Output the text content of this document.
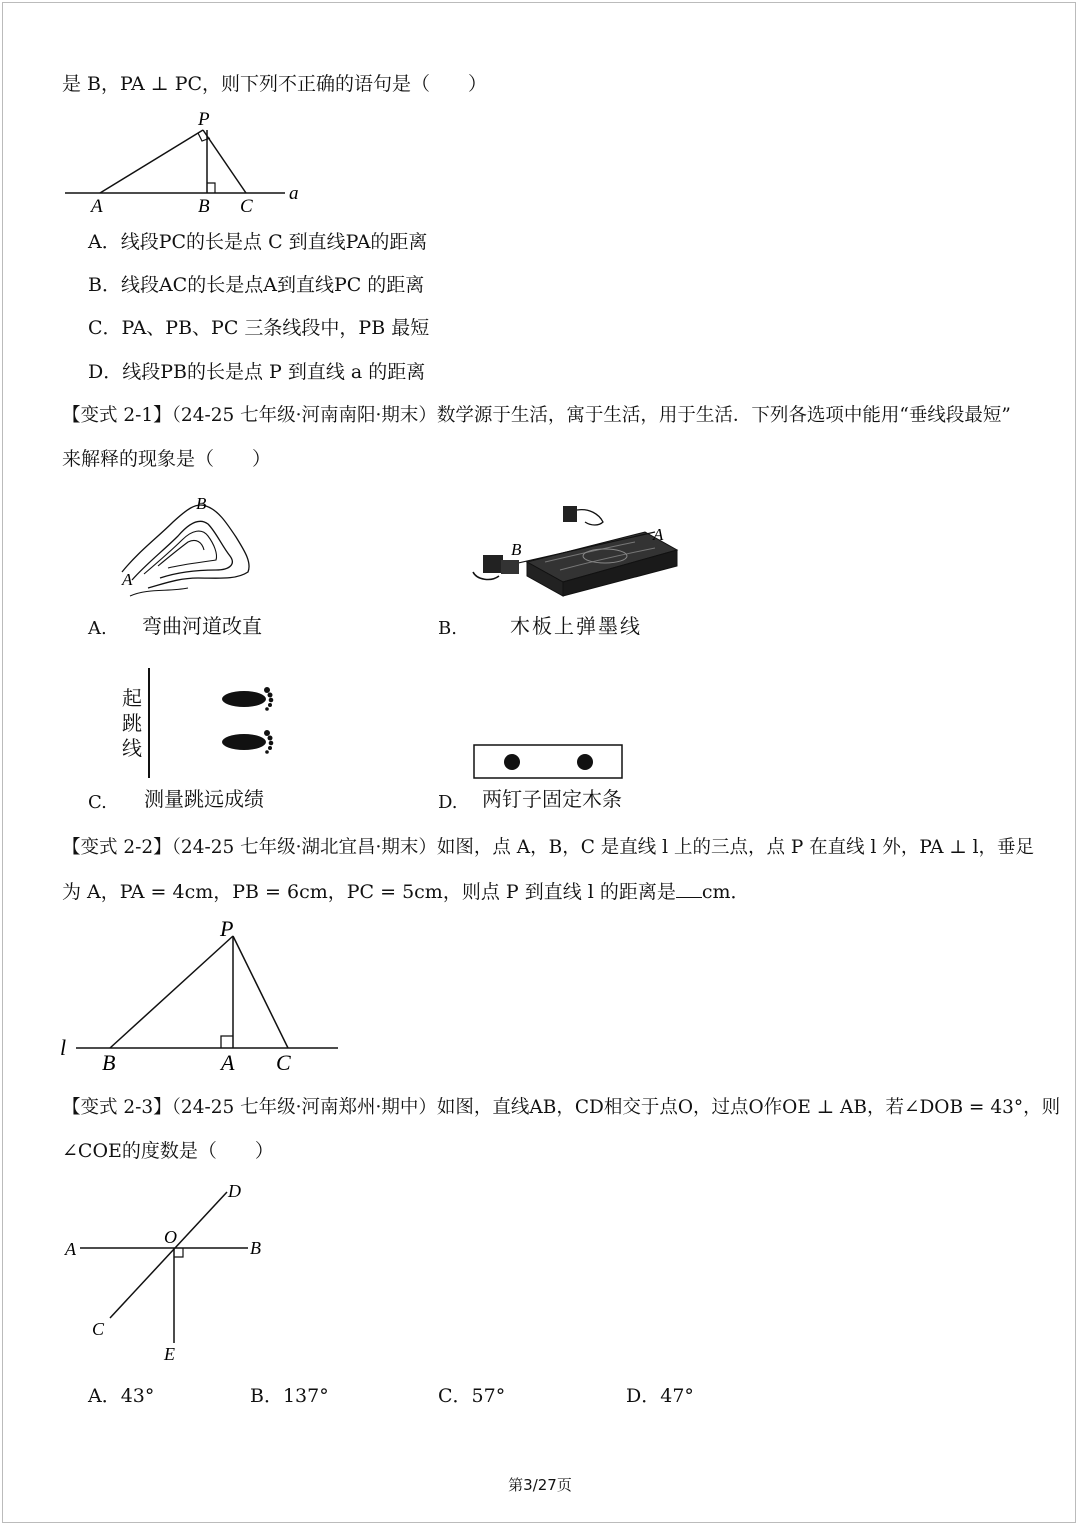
是 B，PA ⊥ PC，则下列不正确的语句是（　　）
P
A	B C
a
A．线段PC的长是点 C 到直线PA的距离
B．线段AC的长是点A到直线PC 的距离
C．PA、PB、PC 三条线段中，PB 最短
D．线段PB的长是点 P 到直线 a 的距离
【变式 2-1】（24-25 七年级·河南南阳·期末）数学源于生活，寓于生活，用于生活．下列各选项中能用“垂线段最短”
来解释的现象是（　　）
B
A
A. 弯曲河道改直
B
A
B.	木板上弹墨线
起
跳
线
C. 测量跳远成绩	D. 两钉子固定木条
【变式 2-2】（24-25 七年级·湖北宜昌·期末）如图，点 A，B，C 是直线 l 上的三点，点 P 在直线 l 外，PA ⊥ l，垂足
为 A，PA = 4cm，PB = 6cm，PC = 5cm，则点 P 到直线 l 的距离是 cm．
P
l
B	A C
【变式 2-3】（24-25 七年级·河南郑州·期中）如图，直线AB，CD相交于点O，过点O作OE ⊥ AB，若∠DOB = 43°，则
∠COE的度数是（　　）
A	B
D
O
C
E
A．43°	B．137°	C．57°	D．47°
第3/27页
